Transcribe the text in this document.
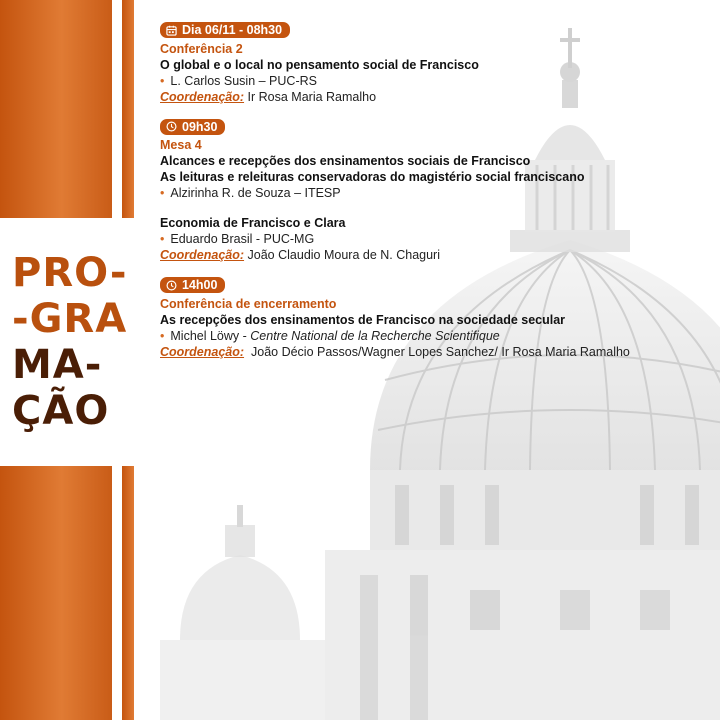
PRO-
-GRA
MA-
ÇÃO
Dia 06/11 - 08h30
Conferência 2
O global e o local no pensamento social de Francisco
• L. Carlos Susin – PUC-RS
Coordenação: Ir Rosa Maria Ramalho
09h30
Mesa 4
Alcances e recepções dos ensinamentos sociais de Francisco
As leituras e releituras conservadoras do magistério social franciscano
• Alzirinha R. de Souza – ITESP
Economia de Francisco e Clara
• Eduardo Brasil - PUC-MG
Coordenação: João Claudio Moura de N. Chaguri
14h00
Conferência de encerramento
As recepções dos ensinamentos de Francisco na sociedade secular
• Michel Löwy - Centre National de la Recherche Scientifique
Coordenação: João Décio Passos/Wagner Lopes Sanchez/ Ir Rosa Maria Ramalho
